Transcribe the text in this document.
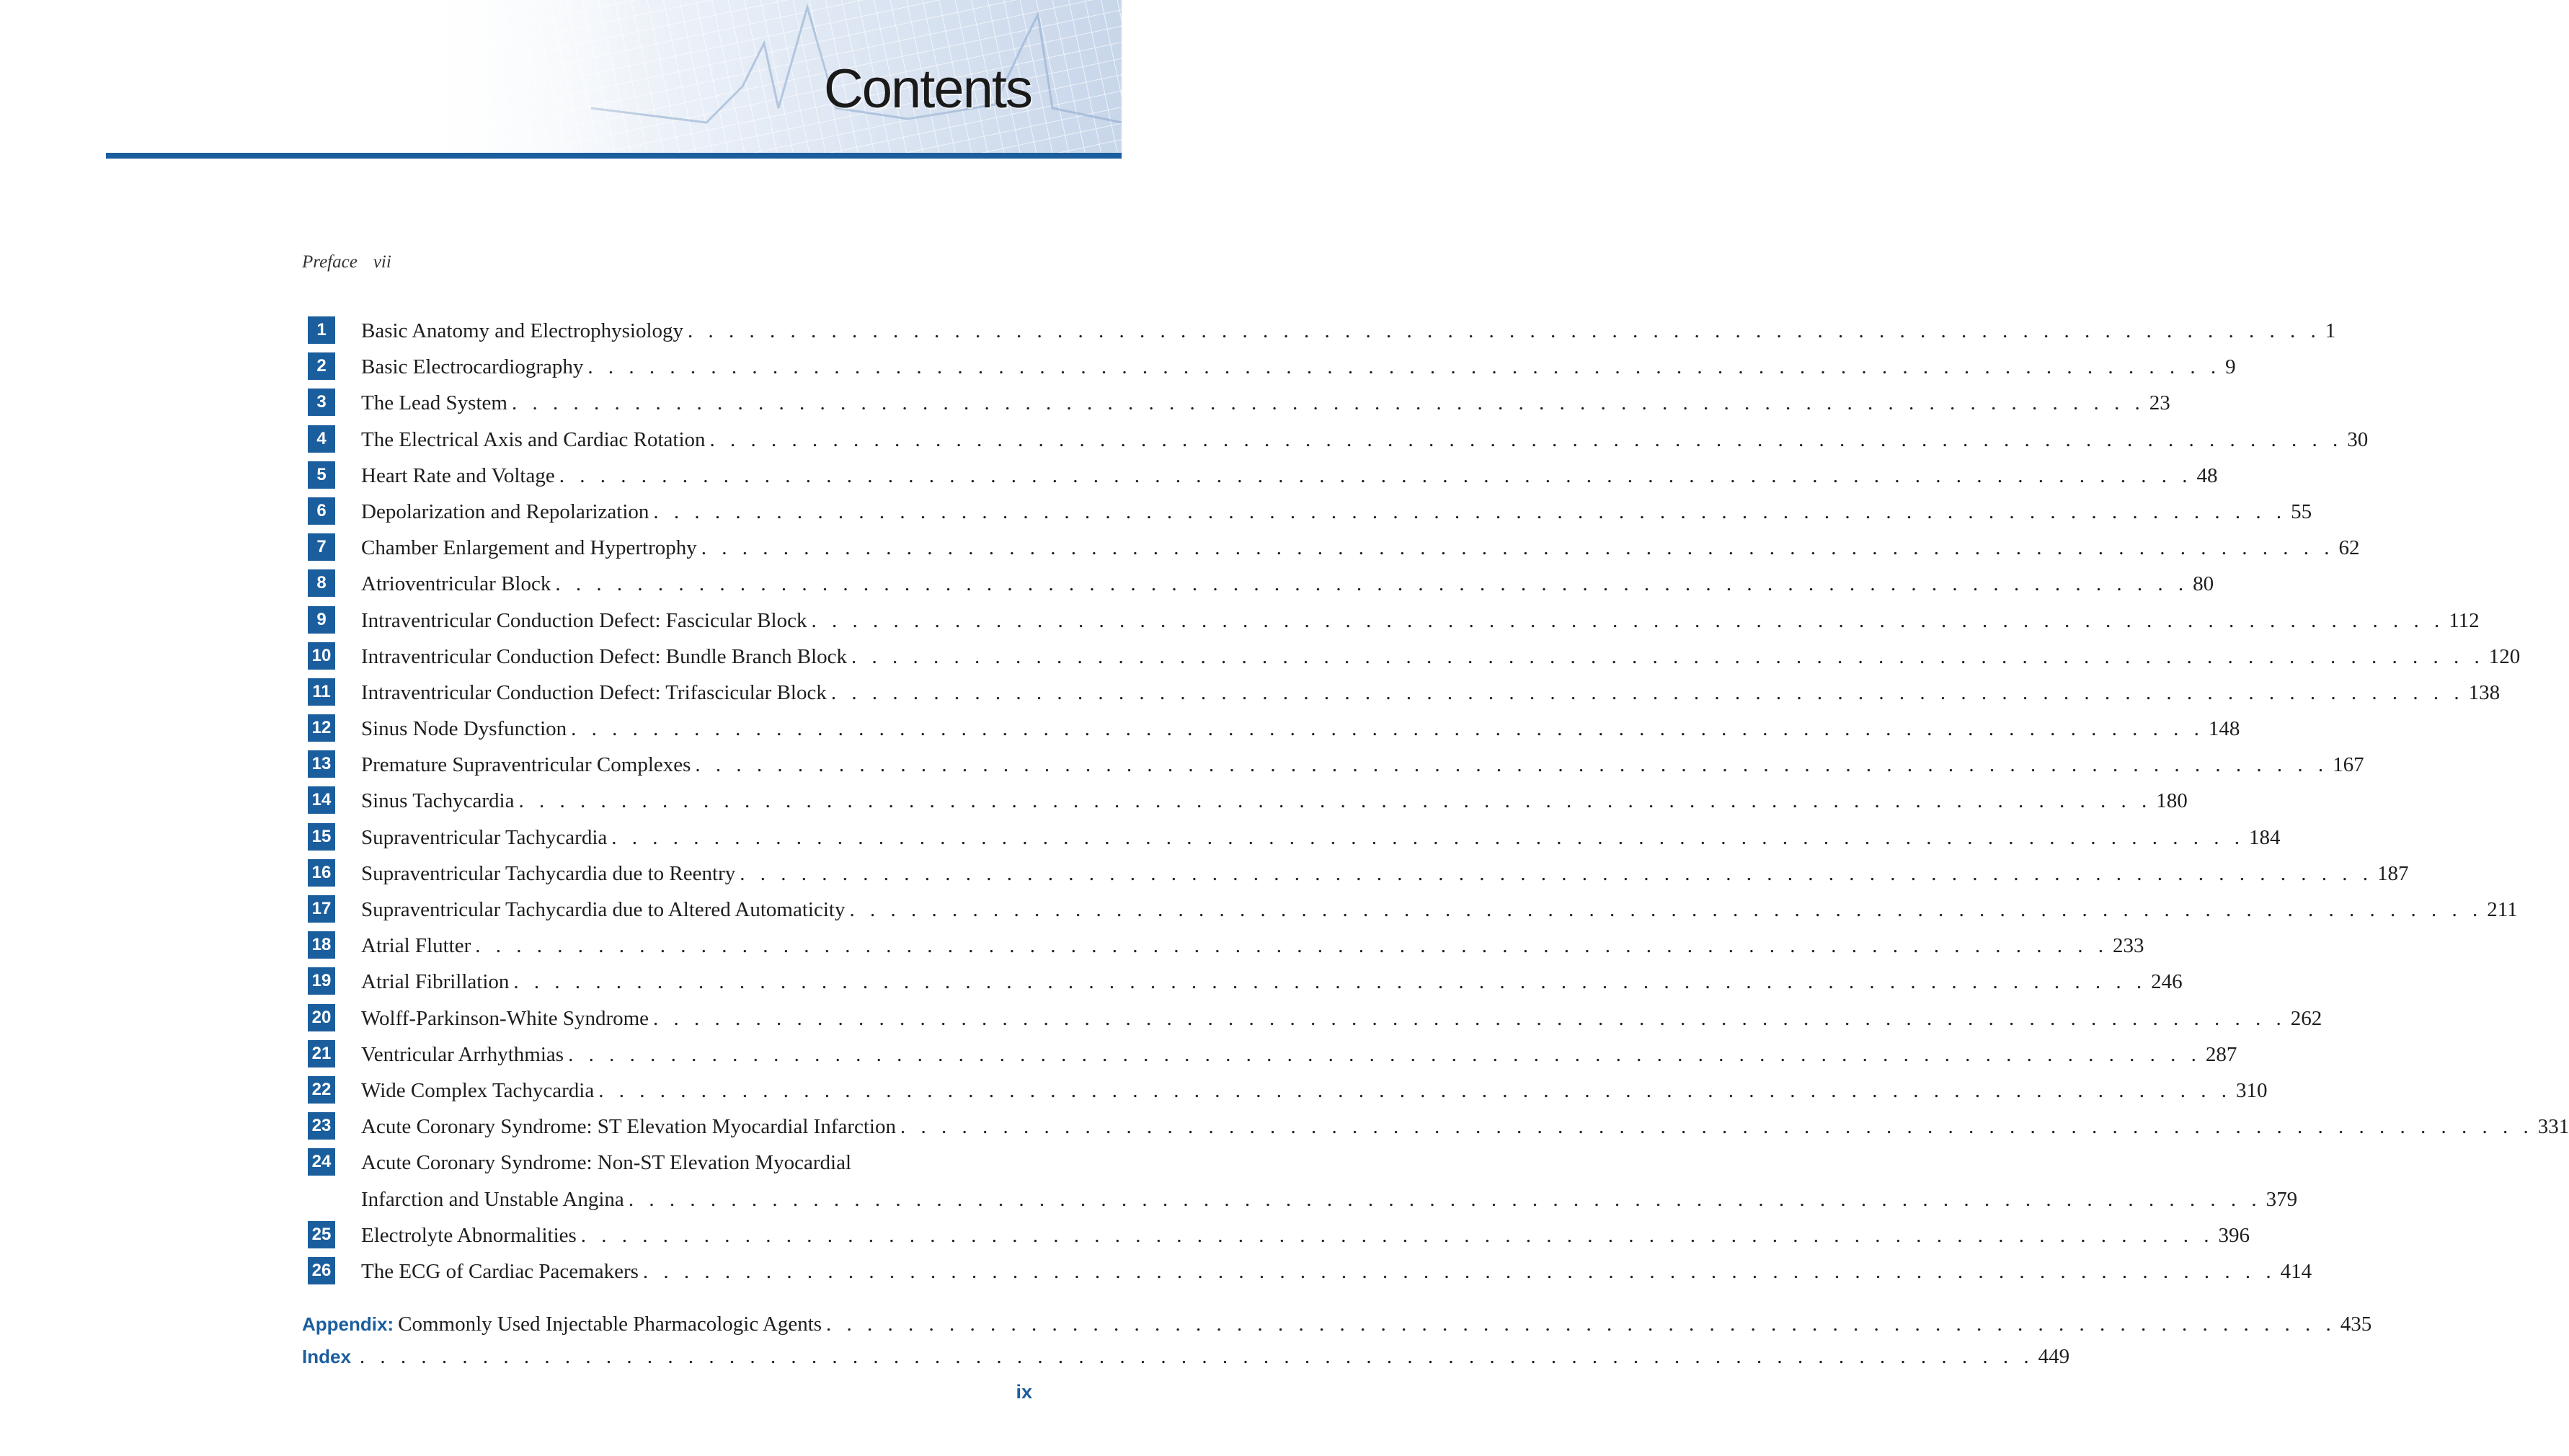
Contents
Preface vii
1	Basic Anatomy and Electrophysiology . . . . . . . . . . . . . . . . . . . . . . . . . . . . . . . . . . . . . . . . . . . . . . . . . . . . . . . . . . . . . . . . . . . . . . . . . . . . . . . . 1
2	Basic Electrocardiography . . . . . . . . . . . . . . . . . . . . . . . . . . . . . . . . . . . . . . . . . . . . . . . . . . . . . . . . . . . . . . . . . . . . . . . . . . . . . . . . 9
3	The Lead System . . . . . . . . . . . . . . . . . . . . . . . . . . . . . . . . . . . . . . . . . . . . . . . . . . . . . . . . . . . . . . . . . . . . . . . . . . . . . . . . 23
4	The Electrical Axis and Cardiac Rotation . . . . . . . . . . . . . . . . . . . . . . . . . . . . . . . . . . . . . . . . . . . . . . . . . . . . . . . . . . . . . . . . . . . . . . . . . . . . . . . . 30
5	Heart Rate and Voltage . . . . . . . . . . . . . . . . . . . . . . . . . . . . . . . . . . . . . . . . . . . . . . . . . . . . . . . . . . . . . . . . . . . . . . . . . . . . . . . . 48
6	Depolarization and Repolarization . . . . . . . . . . . . . . . . . . . . . . . . . . . . . . . . . . . . . . . . . . . . . . . . . . . . . . . . . . . . . . . . . . . . . . . . . . . . . . . . 55
7	Chamber Enlargement and Hypertrophy . . . . . . . . . . . . . . . . . . . . . . . . . . . . . . . . . . . . . . . . . . . . . . . . . . . . . . . . . . . . . . . . . . . . . . . . . . . . . . . . 62
8	Atrioventricular Block . . . . . . . . . . . . . . . . . . . . . . . . . . . . . . . . . . . . . . . . . . . . . . . . . . . . . . . . . . . . . . . . . . . . . . . . . . . . . . . . 80
9	Intraventricular Conduction Defect: Fascicular Block . . . . . . . . . . . . . . . . . . . . . . . . . . . . . . . . . . . . . . . . . . . . . . . . . . . . . . . . . . . . . . . . . . . . . . . . . . . . . . . . 112
10 Intraventricular Conduction Defect: Bundle Branch Block . . . . . . . . . . . . . . . . . . . . . . . . . . . . . . . . . . . . . . . . . . . . . . . . . . . . . . . . . . . . . . . . . . . . . . . . . . . . . . . . 120
11 Intraventricular Conduction Defect: Trifascicular Block . . . . . . . . . . . . . . . . . . . . . . . . . . . . . . . . . . . . . . . . . . . . . . . . . . . . . . . . . . . . . . . . . . . . . . . . . . . . . . . . 138
12 Sinus Node Dysfunction . . . . . . . . . . . . . . . . . . . . . . . . . . . . . . . . . . . . . . . . . . . . . . . . . . . . . . . . . . . . . . . . . . . . . . . . . . . . . . . . 148
13 Premature Supraventricular Complexes . . . . . . . . . . . . . . . . . . . . . . . . . . . . . . . . . . . . . . . . . . . . . . . . . . . . . . . . . . . . . . . . . . . . . . . . . . . . . . . . 167
14 Sinus Tachycardia . . . . . . . . . . . . . . . . . . . . . . . . . . . . . . . . . . . . . . . . . . . . . . . . . . . . . . . . . . . . . . . . . . . . . . . . . . . . . . . . 180
15 Supraventricular Tachycardia . . . . . . . . . . . . . . . . . . . . . . . . . . . . . . . . . . . . . . . . . . . . . . . . . . . . . . . . . . . . . . . . . . . . . . . . . . . . . . . . 184
16 Supraventricular Tachycardia due to Reentry . . . . . . . . . . . . . . . . . . . . . . . . . . . . . . . . . . . . . . . . . . . . . . . . . . . . . . . . . . . . . . . . . . . . . . . . . . . . . . . . 187
17 Supraventricular Tachycardia due to Altered Automaticity . . . . . . . . . . . . . . . . . . . . . . . . . . . . . . . . . . . . . . . . . . . . . . . . . . . . . . . . . . . . . . . . . . . . . . . . . . . . . . . . 211
18 Atrial Flutter . . . . . . . . . . . . . . . . . . . . . . . . . . . . . . . . . . . . . . . . . . . . . . . . . . . . . . . . . . . . . . . . . . . . . . . . . . . . . . . . 233
19 Atrial Fibrillation . . . . . . . . . . . . . . . . . . . . . . . . . . . . . . . . . . . . . . . . . . . . . . . . . . . . . . . . . . . . . . . . . . . . . . . . . . . . . . . . 246
20 Wolff-Parkinson-White Syndrome . . . . . . . . . . . . . . . . . . . . . . . . . . . . . . . . . . . . . . . . . . . . . . . . . . . . . . . . . . . . . . . . . . . . . . . . . . . . . . . . 262
21 Ventricular Arrhythmias . . . . . . . . . . . . . . . . . . . . . . . . . . . . . . . . . . . . . . . . . . . . . . . . . . . . . . . . . . . . . . . . . . . . . . . . . . . . . . . . 287
22 Wide Complex Tachycardia . . . . . . . . . . . . . . . . . . . . . . . . . . . . . . . . . . . . . . . . . . . . . . . . . . . . . . . . . . . . . . . . . . . . . . . . . . . . . . . . 310
23 Acute Coronary Syndrome: ST Elevation Myocardial Infarction . . . . . . . . . . . . . . . . . . . . . . . . . . . . . . . . . . . . . . . . . . . . . . . . . . . . . . . . . . . . . . . . . . . . . . . . . . . . . . . . 331
24 Acute Coronary Syndrome: Non-ST Elevation Myocardial
Infarction and Unstable Angina . . . . . . . . . . . . . . . . . . . . . . . . . . . . . . . . . . . . . . . . . . . . . . . . . . . . . . . . . . . . . . . . . . . . . . . . . . . . . . . . 379
25 Electrolyte Abnormalities . . . . . . . . . . . . . . . . . . . . . . . . . . . . . . . . . . . . . . . . . . . . . . . . . . . . . . . . . . . . . . . . . . . . . . . . . . . . . . . . 396
26 The ECG of Cardiac Pacemakers . . . . . . . . . . . . . . . . . . . . . . . . . . . . . . . . . . . . . . . . . . . . . . . . . . . . . . . . . . . . . . . . . . . . . . . . . . . . . . . . 414
Appendix: Commonly Used Injectable Pharmacologic Agents . . . . . . . . . . . . . . . . . . . . . . . . . . . . . . . . . . . . . . . . . . . . . . . . . . . . . . . . . . . . . . . . . . . . . . . . . . 435
Index . . . . . . . . . . . . . . . . . . . . . . . . . . . . . . . . . . . . . . . . . . . . . . . . . . . . . . . . . . . . . . . . . . . . . . . . . . . . . . . . . . 449
ix
